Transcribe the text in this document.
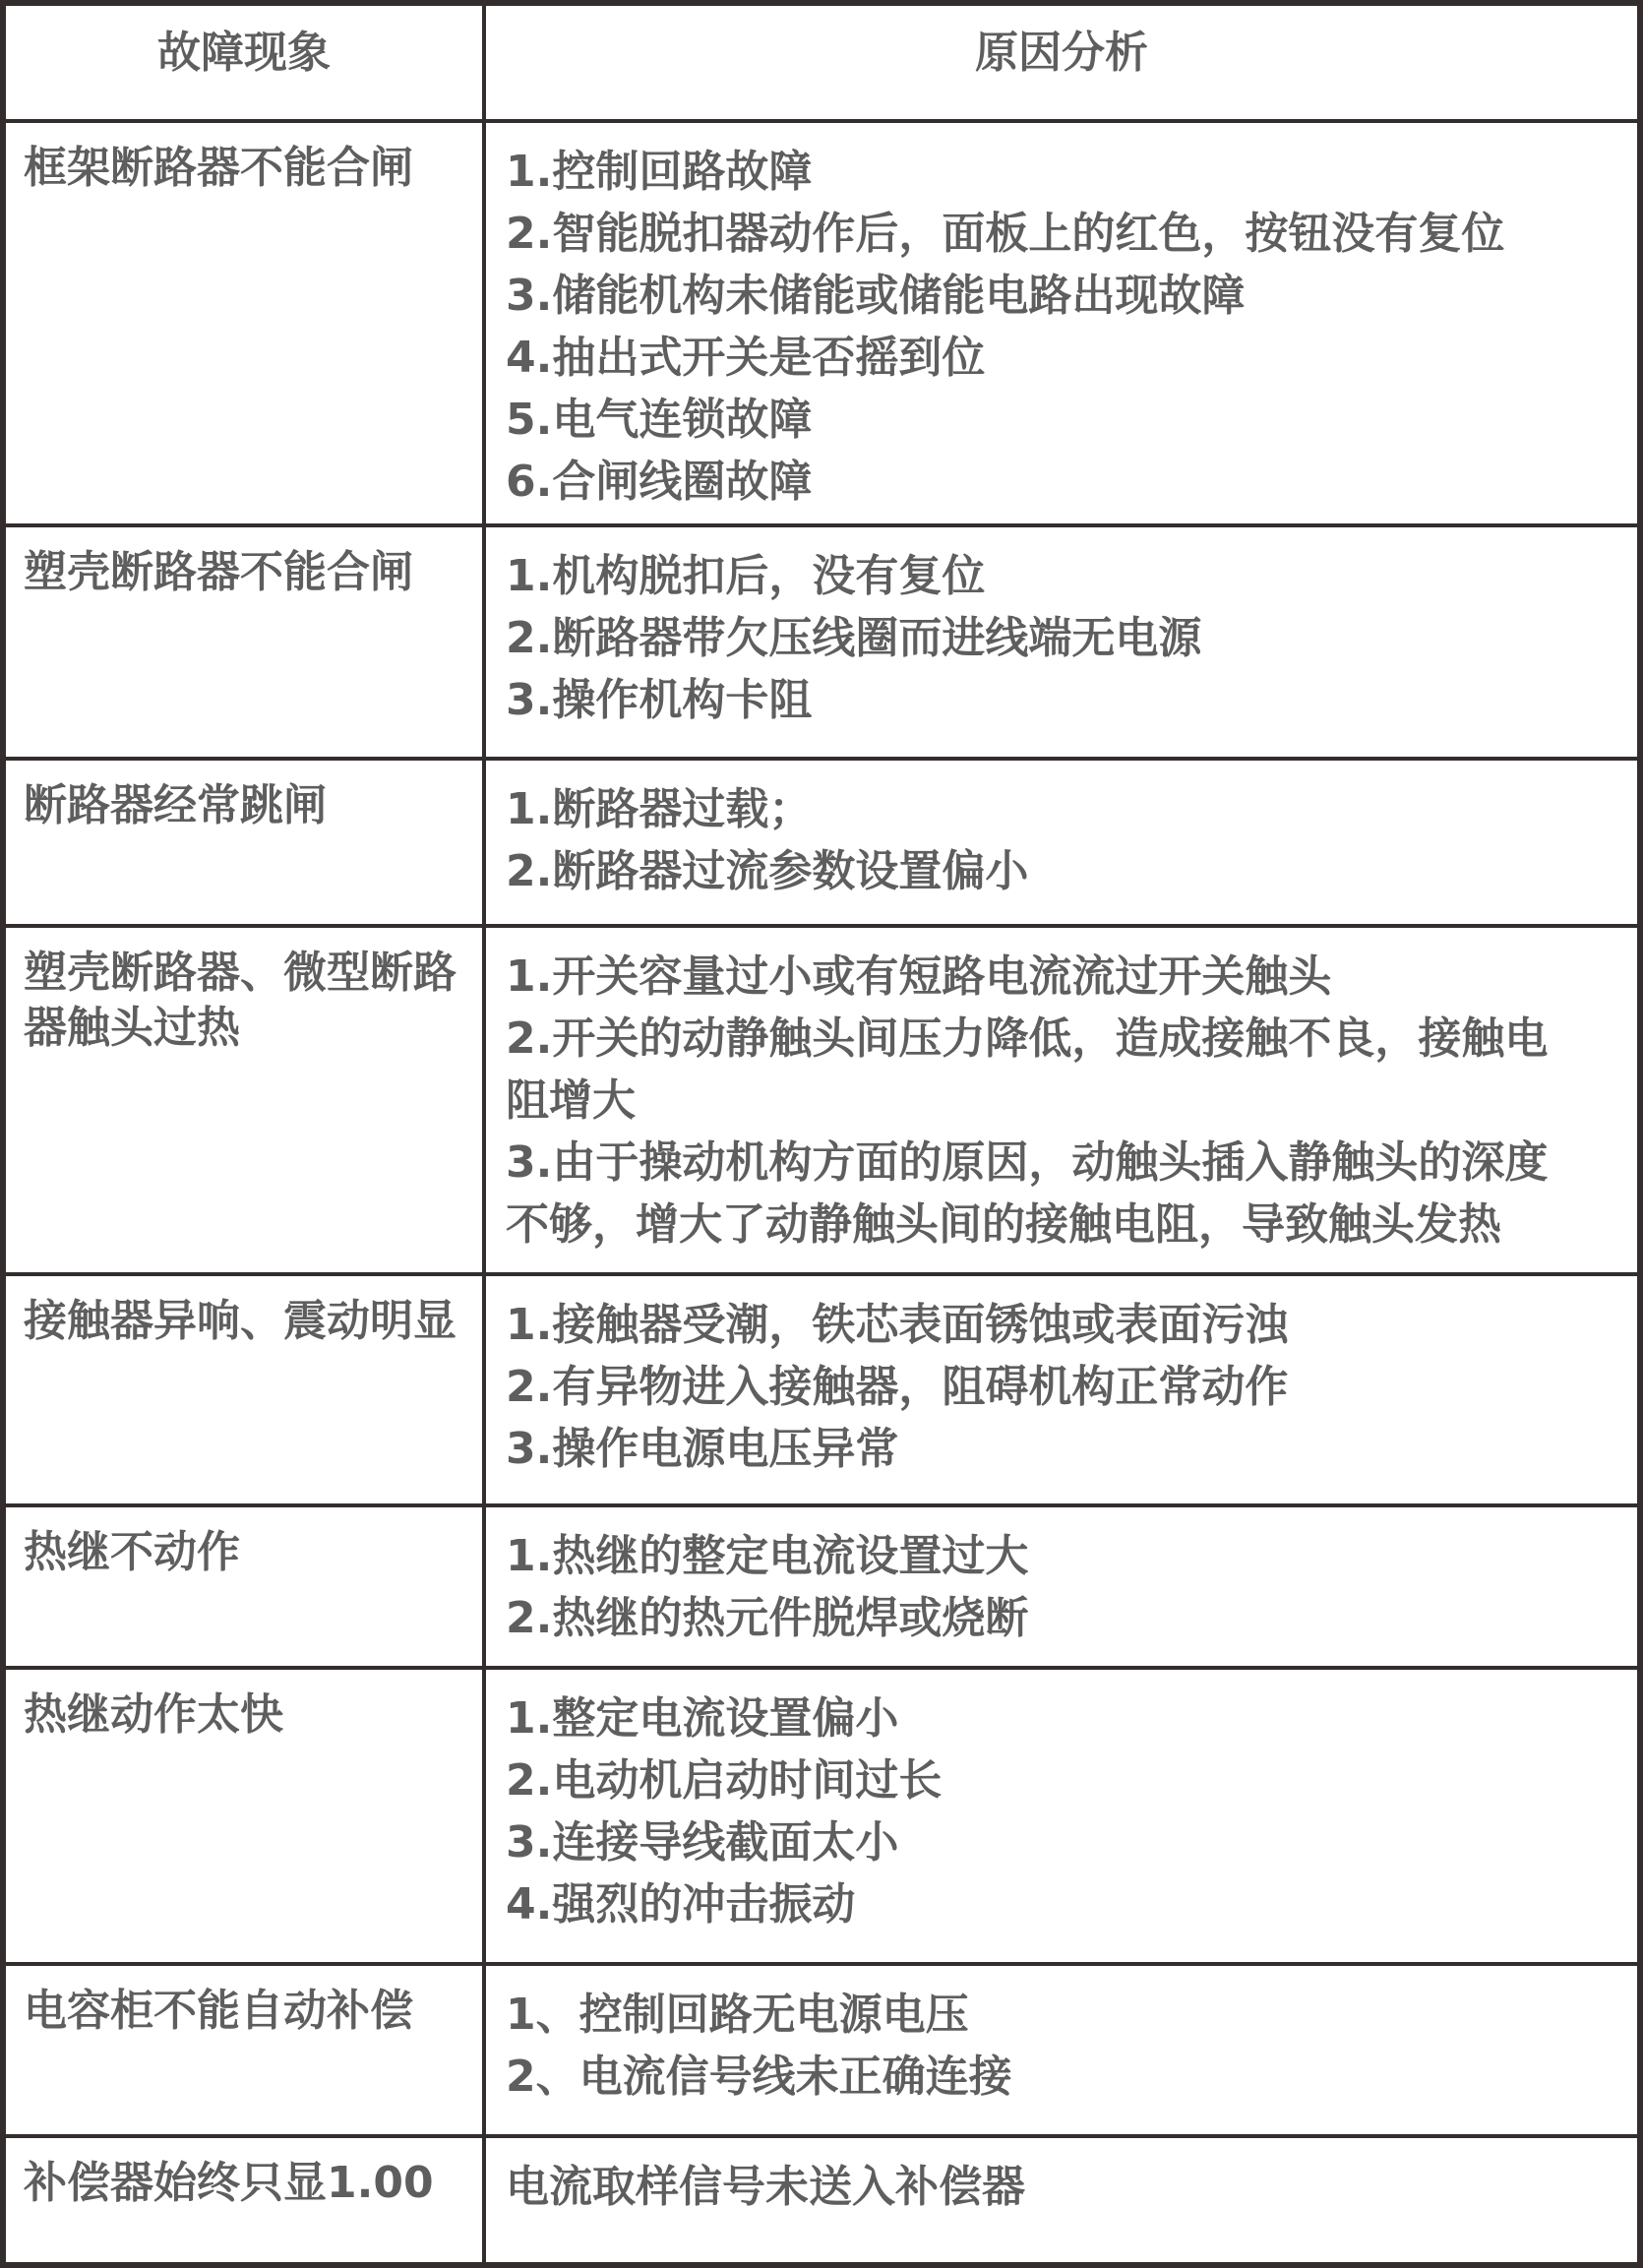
故障现象	原因分析
框架断路器不能合闸	1.控制回路故障
2.智能脱扣器动作后，面板上的红色，按钮没有复位
3.储能机构未储能或储能电路出现故障
4.抽出式开关是否摇到位
5.电气连锁故障
6.合闸线圈故障
塑壳断路器不能合闸	1.机构脱扣后，没有复位
2.断路器带欠压线圈而进线端无电源
3.操作机构卡阻
断路器经常跳闸	1.断路器过载；
2.断路器过流参数设置偏小
塑壳断路器、微型断路器触头过热
1.开关容量过小或有短路电流流过开关触头
2.开关的动静触头间压力降低，造成接触不良，接触电阻增大
3.由于操动机构方面的原因，动触头插入静触头的深度不够，增大了动静触头间的接触电阻，导致触头发热
接触器异响、震动明显	1.接触器受潮，铁芯表面锈蚀或表面污浊
2.有异物进入接触器，阻碍机构正常动作
3.操作电源电压异常
热继不动作	1.热继的整定电流设置过大
2.热继的热元件脱焊或烧断
热继动作太快	1.整定电流设置偏小
2.电动机启动时间过长
3.连接导线截面太小
4.强烈的冲击振动
电容柜不能自动补偿	1、控制回路无电源电压
2、电流信号线未正确连接
补偿器始终只显1.00	电流取样信号未送入补偿器
